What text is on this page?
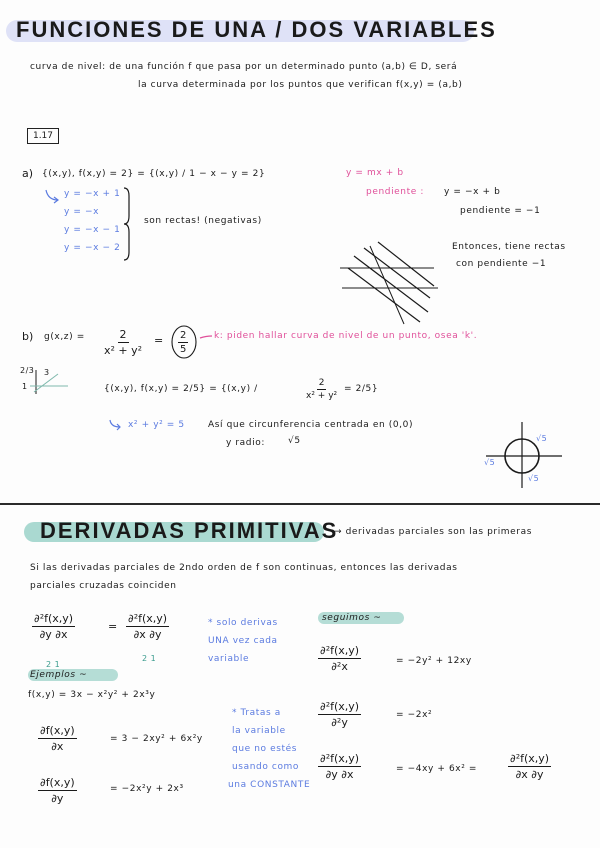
FUNCIONES DE UNA / DOS VARIABLES
curva de nivel: de una función f que pasa por un determinado punto (a,b) ∈ D, será
la curva determinada por los puntos que verifican f(x,y) = (a,b)
1.17
a) {(x,y), f(x,y) = 2} = {(x,y) / 1 − x − y = 2}
y = −x + 1
y = −x
y = −x − 1
y = −x − 2
son rectas! (negativas)
y = mx + b
pendiente : y = −x + b
pendiente = −1
Entonces, tiene rectas
con pendiente −1
b) $g(x,z) = \frac{2}{\text{x² + y²}} = \frac{2}{5}$	k: piden hallar curva de nivel de un punto, osea 'k'.
2/3
1
3
{(x,y), f(x,y) = 2/5} = {(x,y) /	$\frac{2}{\text{x² + y²}} = 2/5$}
x² + y² = 5	Así que circunferencia centrada en (0,0)
y radio:	√5	√5
√5
√5
DERIVADAS PRIMITIVAS
→ derivadas parciales son las primeras
Si las derivadas parciales de 2ndo orden de f son continuas, entonces las derivadas
parciales cruzadas coinciden
$\frac{\text{∂²f(x,y)}}{\partial y \partial x}$	= $\frac{\text{∂²f(x,y)}}{\partial x \partial y}$
2 1
2 1
* solo derivas
UNA vez cada
variable
Ejemplos ~
f(x,y) = 3x − x²y² + 2x³y
$\frac{\partial f(x,y)}{\partial x}$	= 3 − 2xy² + 6x²y
$\frac{\partial f(x,y)}{\partial y}$	= −2x²y + 2x³
* Tratas a
la variable
que no estés
usando como
una CONSTANTE
seguimos ~
$\frac{\text{∂²f(x,y)}}{\text{∂²x}}$	= −2y² + 12xy
$\frac{\text{∂²f(x,y)}}{\text{∂²y}}$	= −2x²
$\frac{\text{∂²f(x,y)}}{\partial y \partial x}$	= −4xy + 6x² =	$\frac{\text{∂²f(x,y)}}{\partial x \partial y}$
